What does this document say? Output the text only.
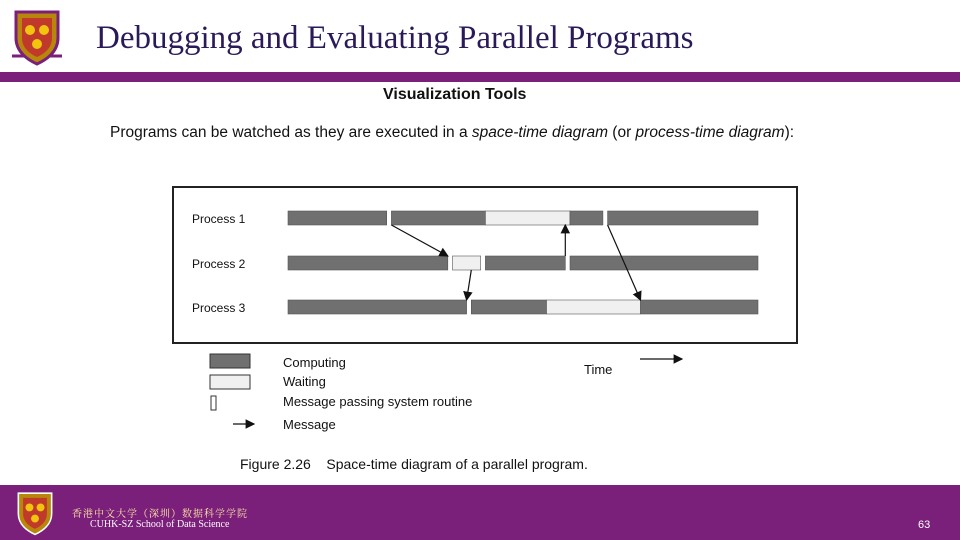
Debugging and Evaluating Parallel Programs
Visualization Tools
Programs can be watched as they are executed in a space-time diagram (or process-time diagram):
Process 1
Process 2
Process 3
Computing
Waiting
Message passing system routine
Message
Time
Figure 2.26    Space-time diagram of a parallel program.
香港中文大学（深圳）数据科学学院
CUHK-SZ School of Data Science	63
